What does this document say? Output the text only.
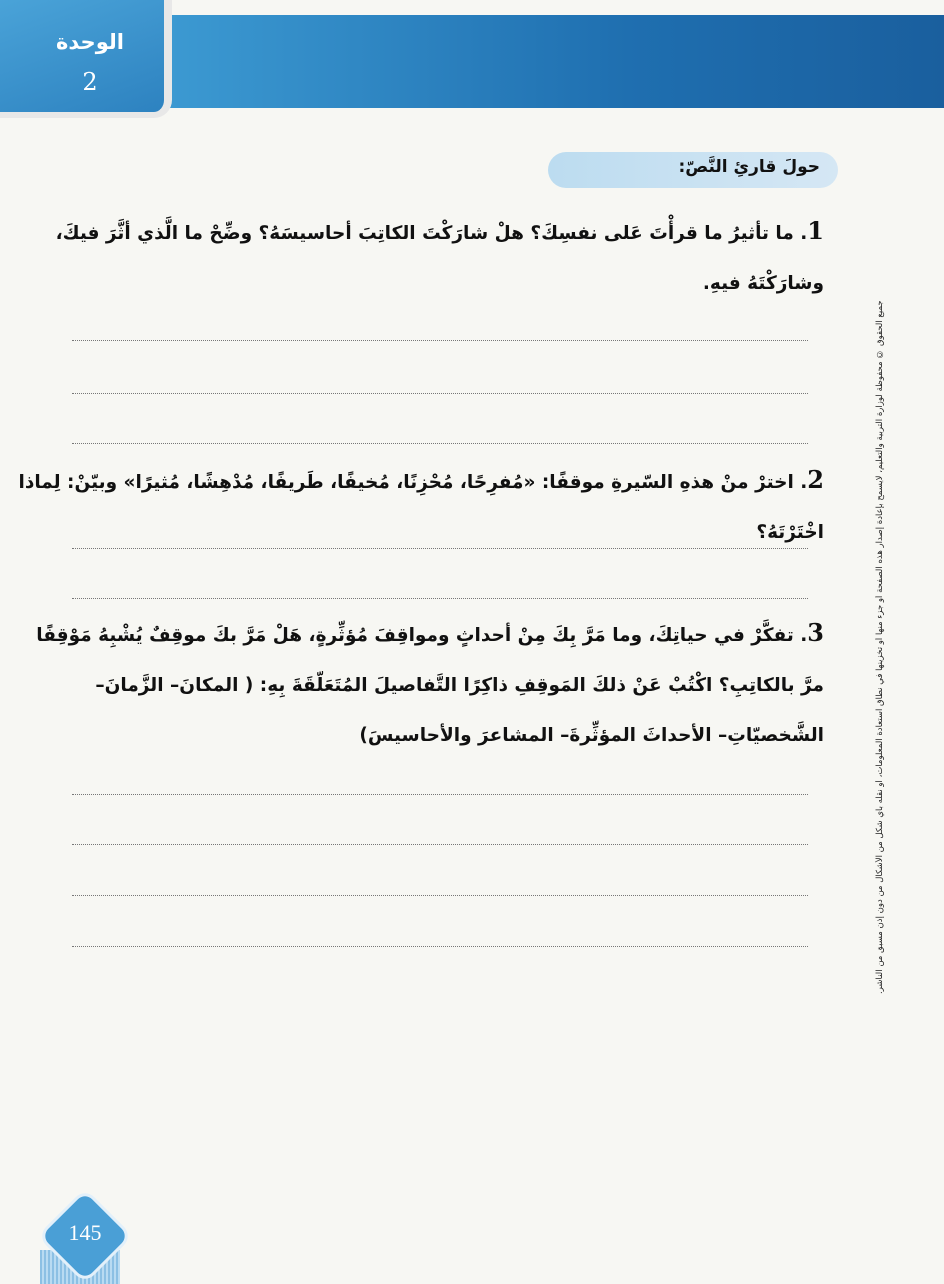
الوحدة
2
حولَ قارئِ النَّصّ:
1. ما تأثيرُ ما قرأْتَ عَلى نفسِكَ؟ هلْ شارَكْتَ الكاتِبَ أحاسيسَهُ؟ وضِّحْ ما الَّذي أثَّرَ فيكَ،
وشارَكْتَهُ فيهِ.
2. اخترْ منْ هذهِ السّيرةِ موقفًا: «مُفرِحًا، مُحْزِنًا، مُخيفًا، طَريفًا، مُدْهِشًا، مُثيرًا» وبيّنْ: لِماذا اخْتَرْتَهُ؟
3. تفكَّرْ في حياتِكَ، وما مَرَّ بِكَ مِنْ أحداثٍ ومواقِفَ مُؤثِّرةٍ، هَلْ مَرَّ بكَ موقِفٌ يُشْبِهُ مَوْقِفًا
مرَّ بالكاتِبِ؟ اكْتُبْ عَنْ ذلكَ المَوقِفِ ذاكِرًا التَّفاصيلَ المُتَعَلّقَةَ بِهِ: ( المكانَ– الزَّمانَ–
الشَّخصيّاتِ– الأحداثَ المؤثِّرةَ– المشاعرَ والأحاسيسَ)	جميع الحقوق © محفوظة لوزارة التربية والتعليم، لايسمح بإعادة إصدار هذه الصفحة أو جزء منها أو تخزينها في نطاق استعادة المعلومات، أو نقله بأي شكل من الأشكال من دون إذن مسبق من الناشر.
145
